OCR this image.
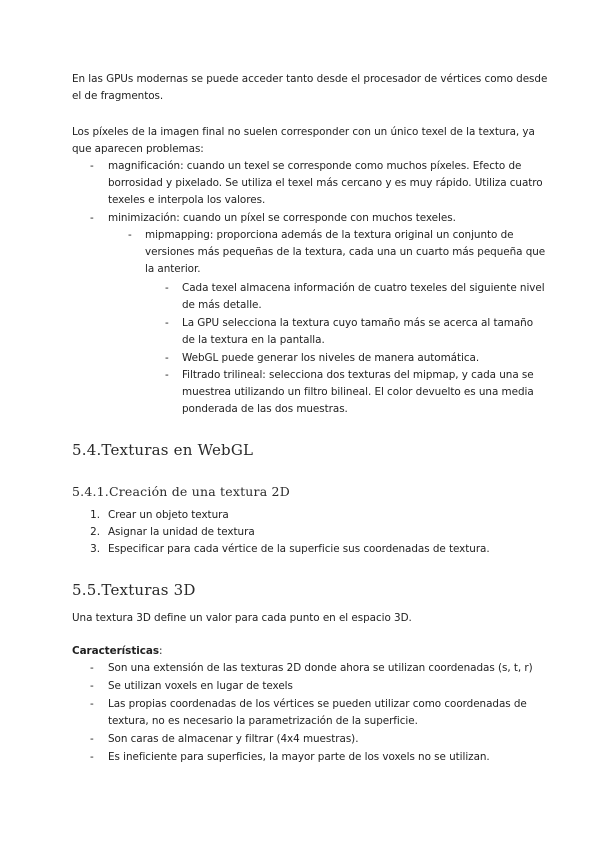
En las GPUs modernas se puede acceder tanto desde el procesador de vértices como desde
el de fragmentos.
Los píxeles de la imagen final no suelen corresponder con un único texel de la textura, ya
que aparecen problemas:
- magnificación: cuando un texel se corresponde como muchos píxeles. Efecto de
borrosidad y pixelado. Se utiliza el texel más cercano y es muy rápido. Utiliza cuatro
texeles e interpola los valores.
- minimización: cuando un píxel se corresponde con muchos texeles.
- mipmapping: proporciona además de la textura original un conjunto de
versiones más pequeñas de la textura, cada una un cuarto más pequeña que
la anterior.
- Cada texel almacena información de cuatro texeles del siguiente nivel
de más detalle.
- La GPU selecciona la textura cuyo tamaño más se acerca al tamaño
de la textura en la pantalla.
- WebGL puede generar los niveles de manera automática.
- Filtrado trilineal: selecciona dos texturas del mipmap, y cada una se
muestrea utilizando un filtro bilineal. El color devuelto es una media
ponderada de las dos muestras.
5.4.Texturas en WebGL
5.4.1.Creación de una textura 2D
1. Crear un objeto textura
2. Asignar la unidad de textura
3. Especificar para cada vértice de la superficie sus coordenadas de textura.
5.5.Texturas 3D
Una textura 3D define un valor para cada punto en el espacio 3D.
Características:
- Son una extensión de las texturas 2D donde ahora se utilizan coordenadas (s, t, r)
- Se utilizan voxels en lugar de texels
- Las propias coordenadas de los vértices se pueden utilizar como coordenadas de
textura, no es necesario la parametrización de la superficie.
- Son caras de almacenar y filtrar (4x4 muestras).
- Es ineficiente para superficies, la mayor parte de los voxels no se utilizan.
